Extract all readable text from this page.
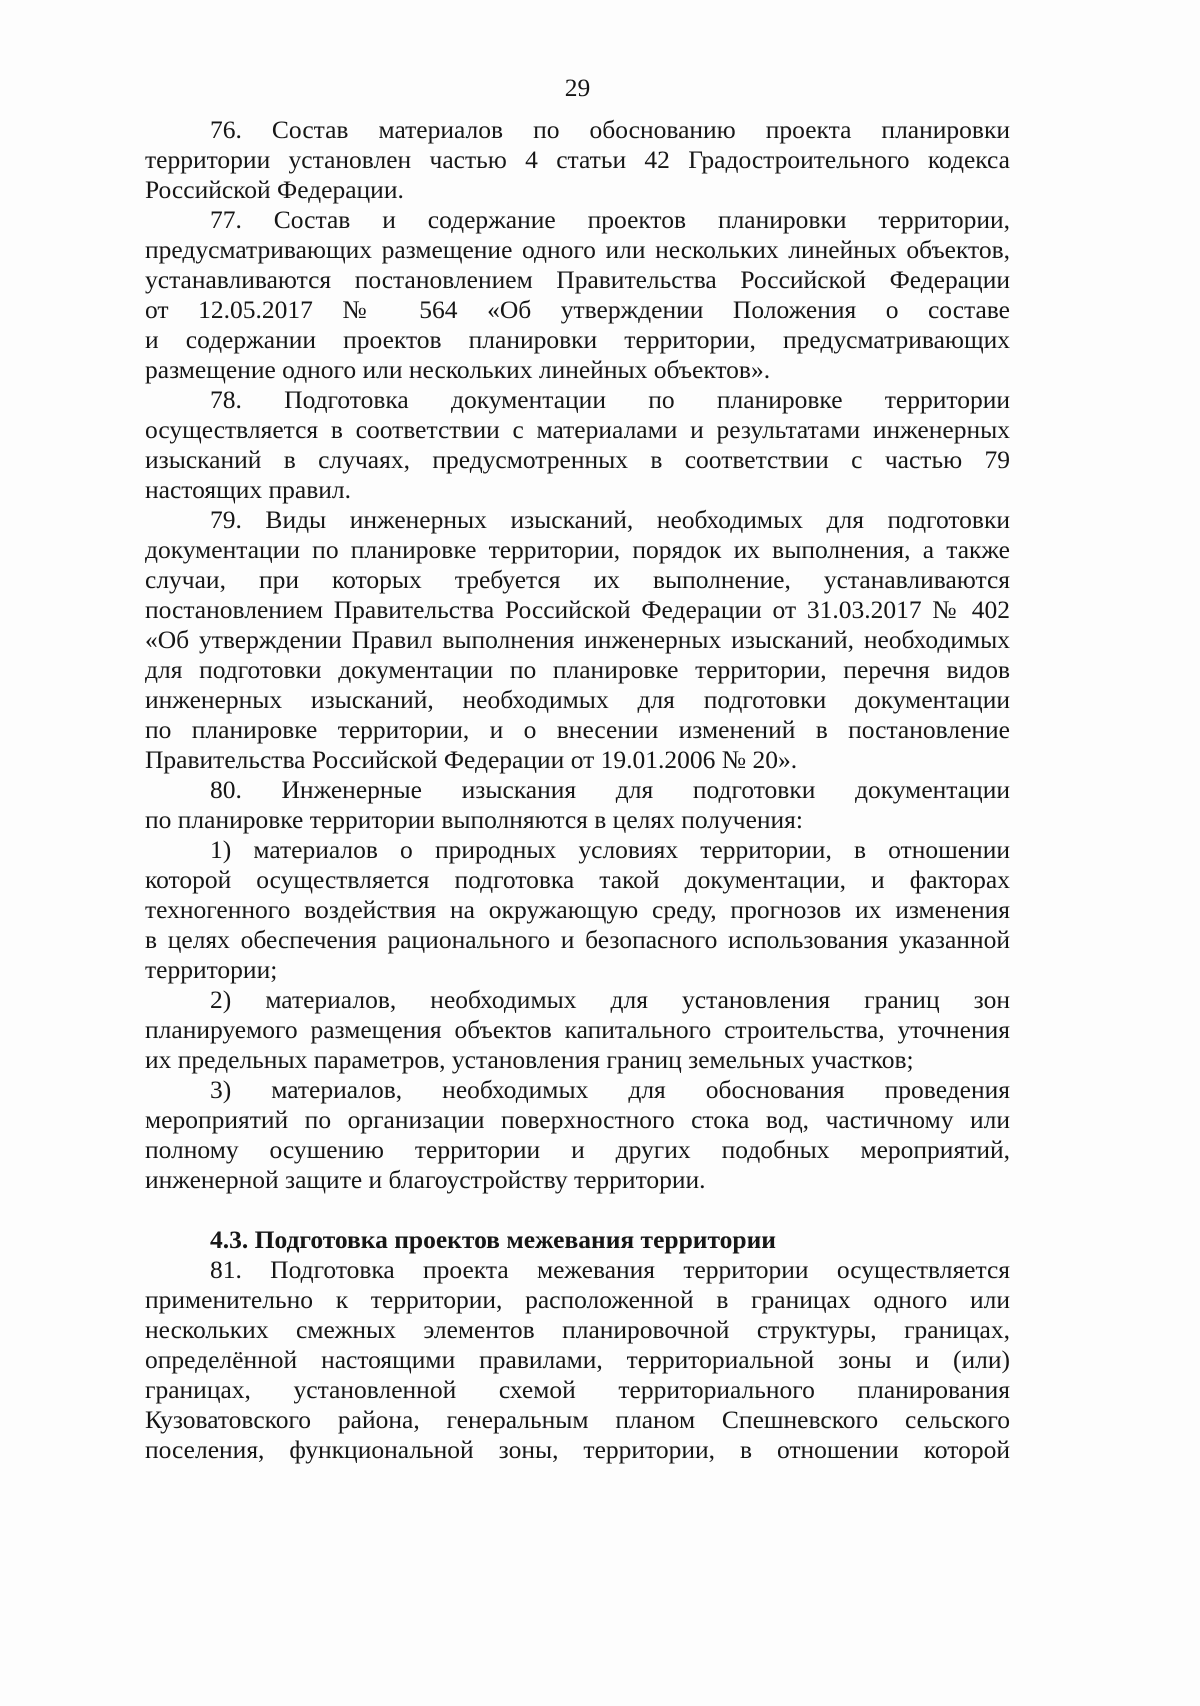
29
76. Состав материалов по обоснованию проекта планировки
территории установлен частью 4 статьи 42 Градостроительного кодекса
Российской Федерации.
77. Состав и содержание проектов планировки территории,
предусматривающих размещение одного или нескольких линейных объектов,
устанавливаются постановлением Правительства Российской Федерации
от 12.05.2017 № 564 «Об утверждении Положения о составе
и содержании проектов планировки территории, предусматривающих
размещение одного или нескольких линейных объектов».
78. Подготовка документации по планировке территории
осуществляется в соответствии с материалами и результатами инженерных
изысканий в случаях, предусмотренных в соответствии с частью 79
настоящих правил.
79. Виды инженерных изысканий, необходимых для подготовки
документации по планировке территории, порядок их выполнения, а также
случаи, при которых требуется их выполнение, устанавливаются
постановлением Правительства Российской Федерации от 31.03.2017 № 402
«Об утверждении Правил выполнения инженерных изысканий, необходимых
для подготовки документации по планировке территории, перечня видов
инженерных изысканий, необходимых для подготовки документации
по планировке территории, и о внесении изменений в постановление
Правительства Российской Федерации от 19.01.2006 № 20».
80. Инженерные изыскания для подготовки документации
по планировке территории выполняются в целях получения:
1) материалов о природных условиях территории, в отношении
которой осуществляется подготовка такой документации, и факторах
техногенного воздействия на окружающую среду, прогнозов их изменения
в целях обеспечения рационального и безопасного использования указанной
территории;
2) материалов, необходимых для установления границ зон
планируемого размещения объектов капитального строительства, уточнения
их предельных параметров, установления границ земельных участков;
3) материалов, необходимых для обоснования проведения
мероприятий по организации поверхностного стока вод, частичному или
полному осушению территории и других подобных мероприятий,
инженерной защите и благоустройству территории.
4.3. Подготовка проектов межевания территории
81. Подготовка проекта межевания территории осуществляется
применительно к территории, расположенной в границах одного или
нескольких смежных элементов планировочной структуры, границах,
определённой настоящими правилами, территориальной зоны и (или)
границах, установленной схемой территориального планирования
Кузоватовского района, генеральным планом Спешневского сельского
поселения, функциональной зоны, территории, в отношении которой
